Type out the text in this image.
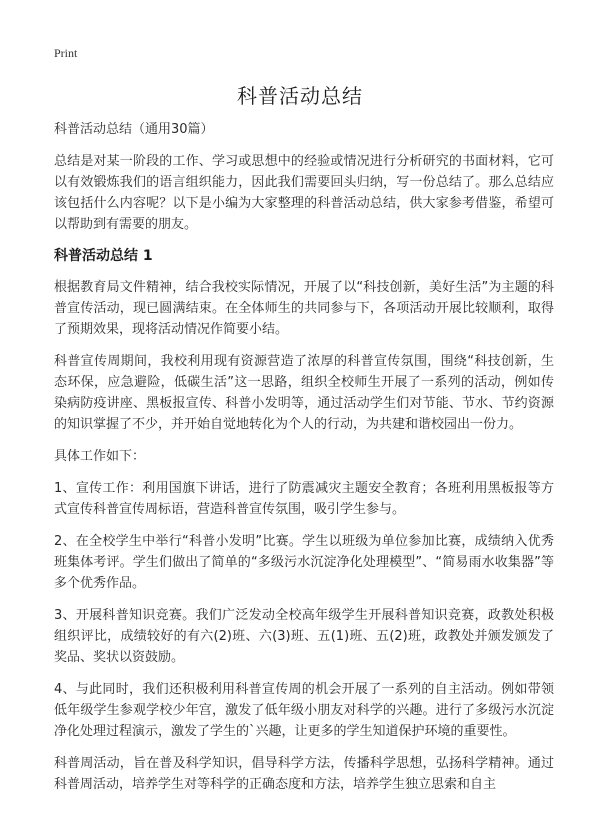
Print
科普活动总结

科普活动总结（通用30篇）

总结是对某一阶段的工作、学习或思想中的经验或情况进行分析研究的书面材料，它可以有效锻炼我们的语言组织能力，因此我们需要回头归纳，写一份总结了。那么总结应该包括什么内容呢？以下是小编为大家整理的科普活动总结，供大家参考借鉴，希望可以帮助到有需要的朋友。

科普活动总结 1

根据教育局文件精神，结合我校实际情况，开展了以“科技创新，美好生活”为主题的科普宣传活动，现已圆满结束。在全体师生的共同参与下，各项活动开展比较顺利，取得了预期效果，现将活动情况作简要小结。

科普宣传周期间，我校利用现有资源营造了浓厚的科普宣传氛围，围绕“科技创新，生态环保，应急避险，低碳生活”这一思路，组织全校师生开展了一系列的活动，例如传染病防疫讲座、黑板报宣传、科普小发明等，通过活动学生们对节能、节水、节约资源的知识掌握了不少，并开始自觉地转化为个人的行动，为共建和谐校园出一份力。

具体工作如下：

1、宣传工作：利用国旗下讲话，进行了防震减灾主题安全教育；各班利用黑板报等方式宣传科普宣传周标语，营造科普宣传氛围，吸引学生参与。

2、在全校学生中举行“科普小发明”比赛。学生以班级为单位参加比赛，成绩纳入优秀班集体考评。学生们做出了简单的“多级污水沉淀净化处理模型”、“简易雨水收集器”等多个优秀作品。

3、开展科普知识竞赛。我们广泛发动全校高年级学生开展科普知识竞赛，政教处积极组织评比，成绩较好的有六(2)班、六(3)班、五(1)班、五(2)班，政教处并颁发颁发了奖品、奖状以资鼓励。

4、与此同时，我们还积极利用科普宣传周的机会开展了一系列的自主活动。例如带领低年级学生参观学校少年宫，激发了低年级小朋友对科学的兴趣。进行了多级污水沉淀净化处理过程演示，激发了学生的`兴趣，让更多的学生知道保护环境的重要性。

科普周活动，旨在普及科学知识，倡导科学方法，传播科学思想，弘扬科学精神。通过科普周活动，培养学生对等科学的正确态度和方法，培养学生独立思索和自主
